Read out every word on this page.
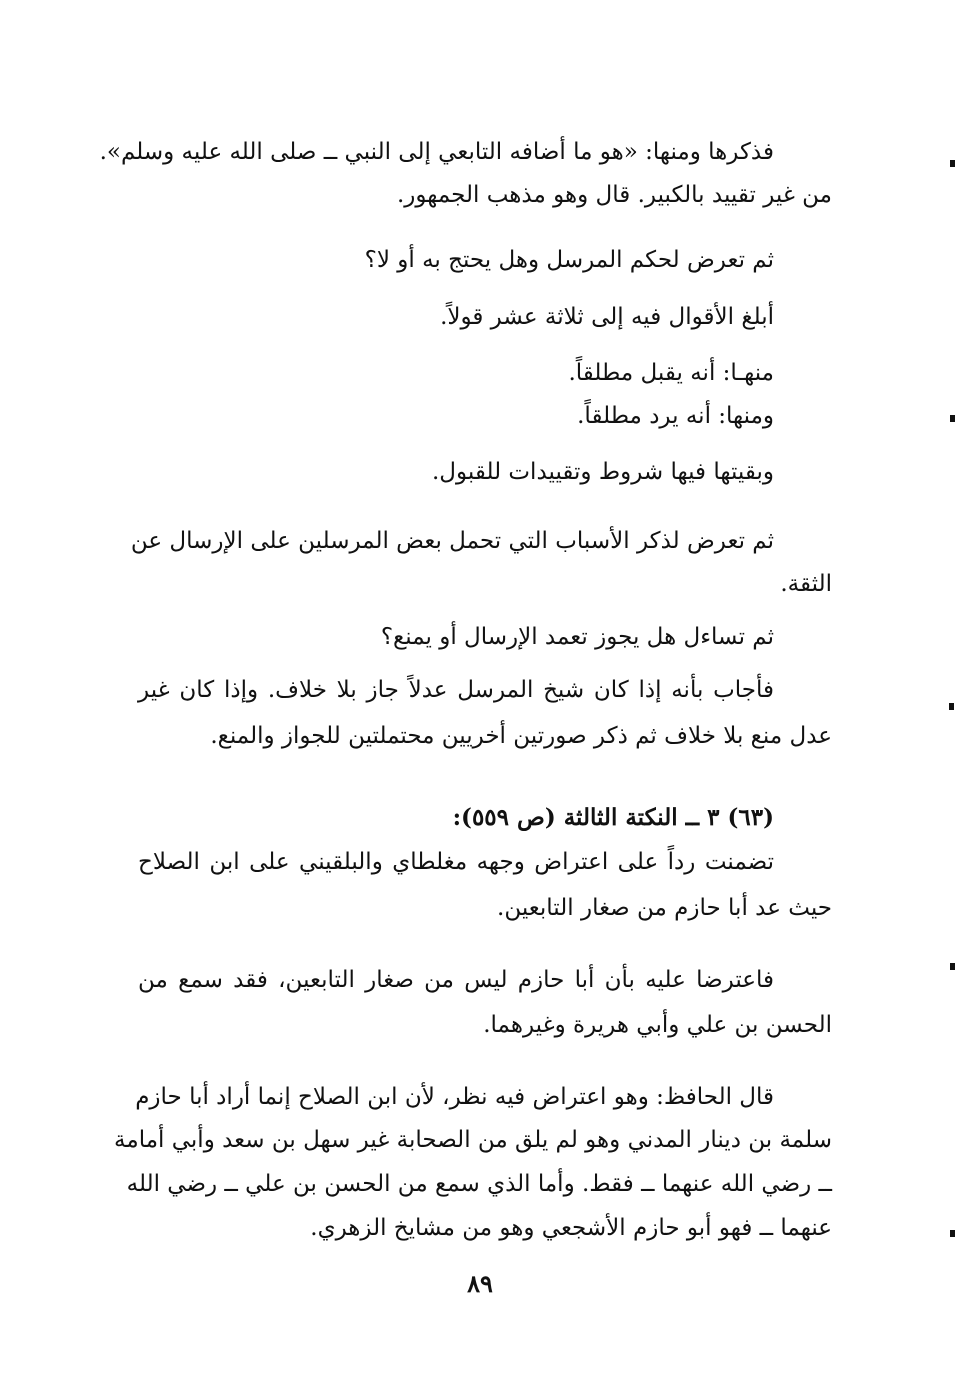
فذكرها ومنها: «هو ما أضافه التابعي إلى النبي ــ صلى الله عليه وسلم».
من غير تقييد بالكبير. قال وهو مذهب الجمهور.
ثم تعرض لحكم المرسل وهل يحتج به أو لا؟
أبلغ الأقوال فيه إلى ثلاثة عشر قولاً.
منهـا: أنه يقبل مطلقاً.
ومنها: أنه يرد مطلقاً.
وبقيتها فيها شروط وتقييدات للقبول.
ثم تعرض لذكر الأسباب التي تحمل بعض المرسلين على الإرسال عن
الثقة.
ثم تساءل هل يجوز تعمد الإرسال أو يمنع؟
فأجاب بأنه إذا كان شيخ المرسل عدلاً جاز بلا خلاف. وإذا كان غير
عدل منع بلا خلاف ثم ذكر صورتين أخريين محتملتين للجواز والمنع.
(٦٣) ٣ ــ النكتة الثالثة (ص ٥٥٩):
تضمنت رداً على اعتراض وجهه مغلطاي والبلقيني على ابن الصلاح
حيث عد أبا حازم من صغار التابعين.
فاعترضا عليه بأن أبا حازم ليس من صغار التابعين، فقد سمع من
الحسن بن علي وأبي هريرة وغيرهما.
قال الحافظ: وهو اعتراض فيه نظر، لأن ابن الصلاح إنما أراد أبا حازم
سلمة بن دينار المدني وهو لم يلق من الصحابة غير سهل بن سعد وأبي أمامة
ــ رضي الله عنهما ــ فقط. وأما الذي سمع من الحسن بن علي ــ رضي الله
عنهما ــ فهو أبو حازم الأشجعي وهو من مشايخ الزهري.
٨٩
